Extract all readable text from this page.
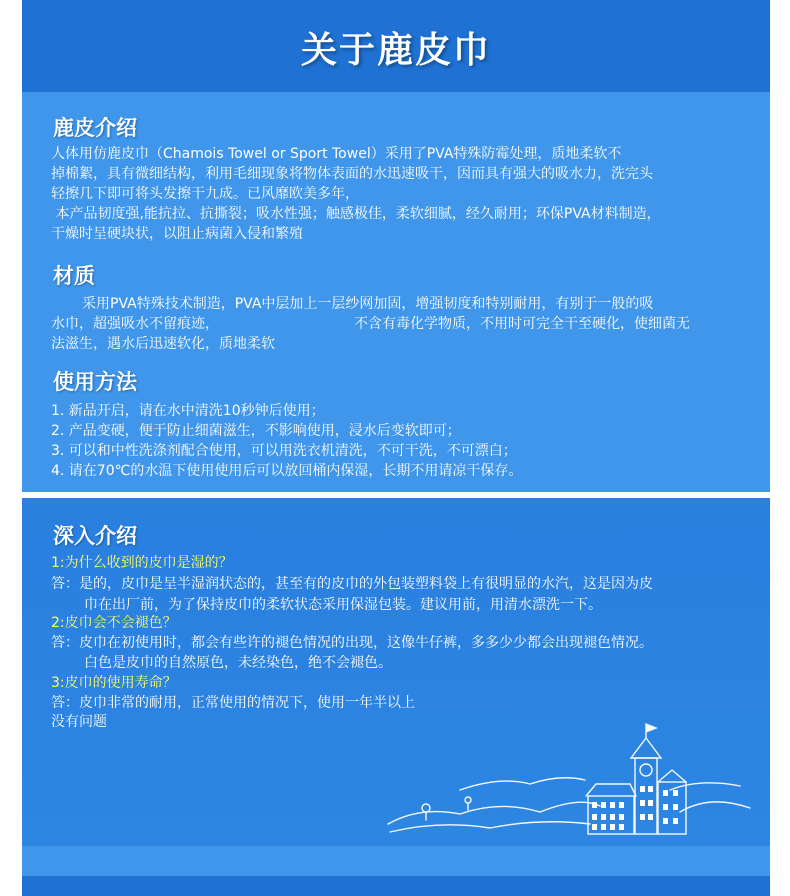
关于鹿皮巾
鹿皮介绍
人体用仿鹿皮巾（Chamois Towel or Sport Towel）采用了PVA特殊防霉处理，质地柔软不
掉棉絮，具有微细结构，利用毛细现象将物体表面的水迅速吸干，因而具有强大的吸水力，洗完头
轻擦几下即可将头发擦干九成。已风靡欧美多年，
本产品韧度强,能抗拉、抗撕裂；吸水性强；触感极佳，柔软细腻，经久耐用；环保PVA材料制造，
干燥时呈硬块状，以阻止病菌入侵和繁殖
材质
采用PVA特殊技术制造，PVA中层加上一层纱网加固，增强韧度和特别耐用，有别于一般的吸
水巾，超强吸水不留痕迹，	不含有毒化学物质，不用时可完全干至硬化，使细菌无
法滋生，遇水后迅速软化，质地柔软
使用方法
1. 新品开启，请在水中清洗10秒钟后使用；
2. 产品变硬，便于防止细菌滋生，不影响使用，浸水后变软即可；
3. 可以和中性洗涤剂配合使用，可以用洗衣机清洗，不可干洗，不可漂白；
4. 请在70℃的水温下使用使用后可以放回桶内保湿，长期不用请凉干保存。
深入介绍
1:为什么收到的皮巾是湿的？
答：是的，皮巾是呈半湿润状态的，甚至有的皮巾的外包装塑料袋上有很明显的水汽，这是因为皮
巾在出厂前，为了保持皮巾的柔软状态采用保湿包装。建议用前，用清水漂洗一下。
2:皮巾会不会褪色？
答：皮巾在初使用时，都会有些许的褪色情况的出现，这像牛仔裤，多多少少都会出现褪色情况。
白色是皮巾的自然原色，未经染色，绝不会褪色。
3:皮巾的使用寿命？
答：皮巾非常的耐用，正常使用的情况下，使用一年半以上
没有问题
